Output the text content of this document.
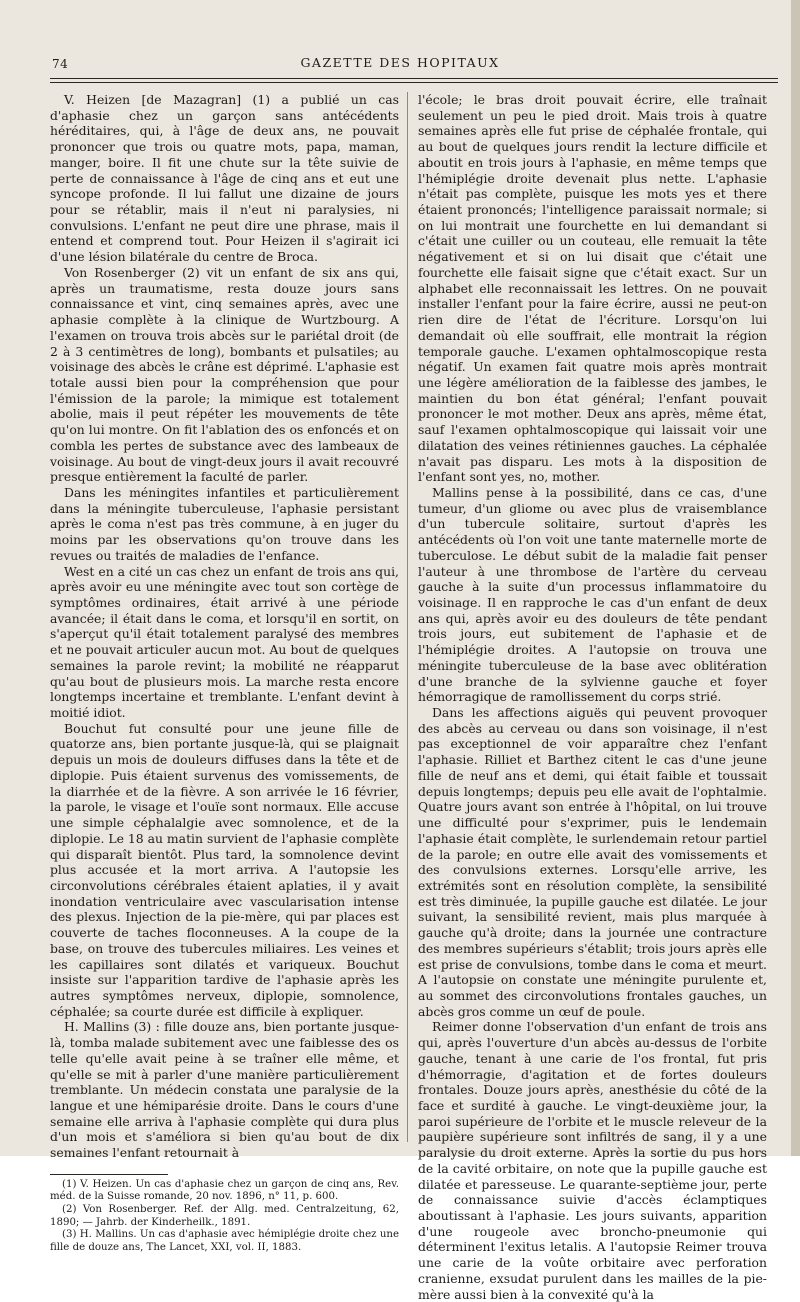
74	GAZETTE DES HOPITAUX

V. Heizen [de Mazagran] (1) a publié un cas d'aphasie chez un garçon sans antécédents héréditaires, qui, à l'âge de deux ans, ne pouvait prononcer que trois ou quatre mots, papa, maman, manger, boire. Il fit une chute sur la tête suivie de perte de connaissance à l'âge de cinq ans et eut une syncope profonde. Il lui fallut une dizaine de jours pour se rétablir, mais il n'eut ni paralysies, ni convulsions. L'enfant ne peut dire une phrase, mais il entend et comprend tout. Pour Heizen il s'agirait ici d'une lésion bilatérale du centre de Broca.

Von Rosenberger (2) vit un enfant de six ans qui, après un traumatisme, resta douze jours sans connaissance et vint, cinq semaines après, avec une aphasie complète à la clinique de Wurtzbourg. A l'examen on trouva trois abcès sur le pariétal droit (de 2 à 3 centimètres de long), bombants et pulsatiles; au voisinage des abcès le crâne est déprimé. L'aphasie est totale aussi bien pour la compréhension que pour l'émission de la parole; la mimique est totalement abolie, mais il peut répéter les mouvements de tête qu'on lui montre. On fit l'ablation des os enfoncés et on combla les pertes de substance avec des lambeaux de voisinage. Au bout de vingt-deux jours il avait recouvré presque entièrement la faculté de parler.

Dans les méningites infantiles et particulièrement dans la méningite tuberculeuse, l'aphasie persistant après le coma n'est pas très commune, à en juger du moins par les observations qu'on trouve dans les revues ou traités de maladies de l'enfance.

West en a cité un cas chez un enfant de trois ans qui, après avoir eu une méningite avec tout son cortège de symptômes ordinaires, était arrivé à une période avancée; il était dans le coma, et lorsqu'il en sortit, on s'aperçut qu'il était totalement paralysé des membres et ne pouvait articuler aucun mot. Au bout de quelques semaines la parole revint; la mobilité ne réapparut qu'au bout de plusieurs mois. La marche resta encore longtemps incertaine et tremblante. L'enfant devint à moitié idiot.

Bouchut fut consulté pour une jeune fille de quatorze ans, bien portante jusque-là, qui se plaignait depuis un mois de douleurs diffuses dans la tête et de diplopie. Puis étaient survenus des vomissements, de la diarrhée et de la fièvre. A son arrivée le 16 février, la parole, le visage et l'ouïe sont normaux. Elle accuse une simple céphalalgie avec somnolence, et de la diplopie. Le 18 au matin survient de l'aphasie complète qui disparaît bientôt. Plus tard, la somnolence devint plus accusée et la mort arriva. A l'autopsie les circonvolutions cérébrales étaient aplaties, il y avait inondation ventriculaire avec vascularisation intense des plexus. Injection de la pie-mère, qui par places est couverte de taches floconneuses. A la coupe de la base, on trouve des tubercules miliaires. Les veines et les capillaires sont dilatés et variqueux. Bouchut insiste sur l'apparition tardive de l'aphasie après les autres symptômes nerveux, diplopie, somnolence, céphalée; sa courte durée est difficile à expliquer.

H. Mallins (3) : fille douze ans, bien portante jusque-là, tomba malade subitement avec une faiblesse des os telle qu'elle avait peine à se traîner elle même, et qu'elle se mit à parler d'une manière particulièrement tremblante. Un médecin constata une paralysie de la langue et une hémiparésie droite. Dans le cours d'une semaine elle arriva à l'aphasie complète qui dura plus d'un mois et s'améliora si bien qu'au bout de dix semaines l'enfant retournait à

(1) V. Heizen. Un cas d'aphasie chez un garçon de cinq ans, Rev. méd. de la Suisse romande, 20 nov. 1896, n° 11, p. 600.

(2) Von Rosenberger. Ref. der Allg. med. Centralzeitung, 62, 1890; — Jahrb. der Kinderheilk., 1891.

(3) H. Mallins. Un cas d'aphasie avec hémiplégie droite chez une fille de douze ans, The Lancet, XXI, vol. II, 1883.

l'école; le bras droit pouvait écrire, elle traînait seulement un peu le pied droit. Mais trois à quatre semaines après elle fut prise de céphalée frontale, qui au bout de quelques jours rendit la lecture difficile et aboutit en trois jours à l'aphasie, en même temps que l'hémiplégie droite devenait plus nette. L'aphasie n'était pas complète, puisque les mots yes et there étaient prononcés; l'intelligence paraissait normale; si on lui montrait une fourchette en lui demandant si c'était une cuiller ou un couteau, elle remuait la tête négativement et si on lui disait que c'était une fourchette elle faisait signe que c'était exact. Sur un alphabet elle reconnaissait les lettres. On ne pouvait installer l'enfant pour la faire écrire, aussi ne peut-on rien dire de l'état de l'écriture. Lorsqu'on lui demandait où elle souffrait, elle montrait la région temporale gauche. L'examen ophtalmoscopique resta négatif. Un examen fait quatre mois après montrait une légère amélioration de la faiblesse des jambes, le maintien du bon état général; l'enfant pouvait prononcer le mot mother. Deux ans après, même état, sauf l'examen ophtalmoscopique qui laissait voir une dilatation des veines rétiniennes gauches. La céphalée n'avait pas disparu. Les mots à la disposition de l'enfant sont yes, no, mother.

Mallins pense à la possibilité, dans ce cas, d'une tumeur, d'un gliome ou avec plus de vraisemblance d'un tubercule solitaire, surtout d'après les antécédents où l'on voit une tante maternelle morte de tuberculose. Le début subit de la maladie fait penser l'auteur à une thrombose de l'artère du cerveau gauche à la suite d'un processus inflammatoire du voisinage. Il en rapproche le cas d'un enfant de deux ans qui, après avoir eu des douleurs de tête pendant trois jours, eut subitement de l'aphasie et de l'hémiplégie droites. A l'autopsie on trouva une méningite tuberculeuse de la base avec oblitération d'une branche de la sylvienne gauche et foyer hémorragique de ramollissement du corps strié.

Dans les affections aiguës qui peuvent provoquer des abcès au cerveau ou dans son voisinage, il n'est pas exceptionnel de voir apparaître chez l'enfant l'aphasie. Rilliet et Barthez citent le cas d'une jeune fille de neuf ans et demi, qui était faible et toussait depuis longtemps; depuis peu elle avait de l'ophtalmie. Quatre jours avant son entrée à l'hôpital, on lui trouve une difficulté pour s'exprimer, puis le lendemain l'aphasie était complète, le surlendemain retour partiel de la parole; en outre elle avait des vomissements et des convulsions externes. Lorsqu'elle arrive, les extrémités sont en résolution complète, la sensibilité est très diminuée, la pupille gauche est dilatée. Le jour suivant, la sensibilité revient, mais plus marquée à gauche qu'à droite; dans la journée une contracture des membres supérieurs s'établit; trois jours après elle est prise de convulsions, tombe dans le coma et meurt. A l'autopsie on constate une méningite purulente et, au sommet des circonvolutions frontales gauches, un abcès gros comme un œuf de poule.

Reimer donne l'observation d'un enfant de trois ans qui, après l'ouverture d'un abcès au-dessus de l'orbite gauche, tenant à une carie de l'os frontal, fut pris d'hémorragie, d'agitation et de fortes douleurs frontales. Douze jours après, anesthésie du côté de la face et surdité à gauche. Le vingt-deuxième jour, la paroi supérieure de l'orbite et le muscle releveur de la paupière supérieure sont infiltrés de sang, il y a une paralysie du droit externe. Après la sortie du pus hors de la cavité orbitaire, on note que la pupille gauche est dilatée et paresseuse. Le quarante-septième jour, perte de connaissance suivie d'accès éclamptiques aboutissant à l'aphasie. Les jours suivants, apparition d'une rougeole avec broncho-pneumonie qui déterminent l'exitus letalis. A l'autopsie Reimer trouva une carie de la voûte orbitaire avec perforation cranienne, exsudat purulent dans les mailles de la pie-mère aussi bien à la convexité qu'à la
